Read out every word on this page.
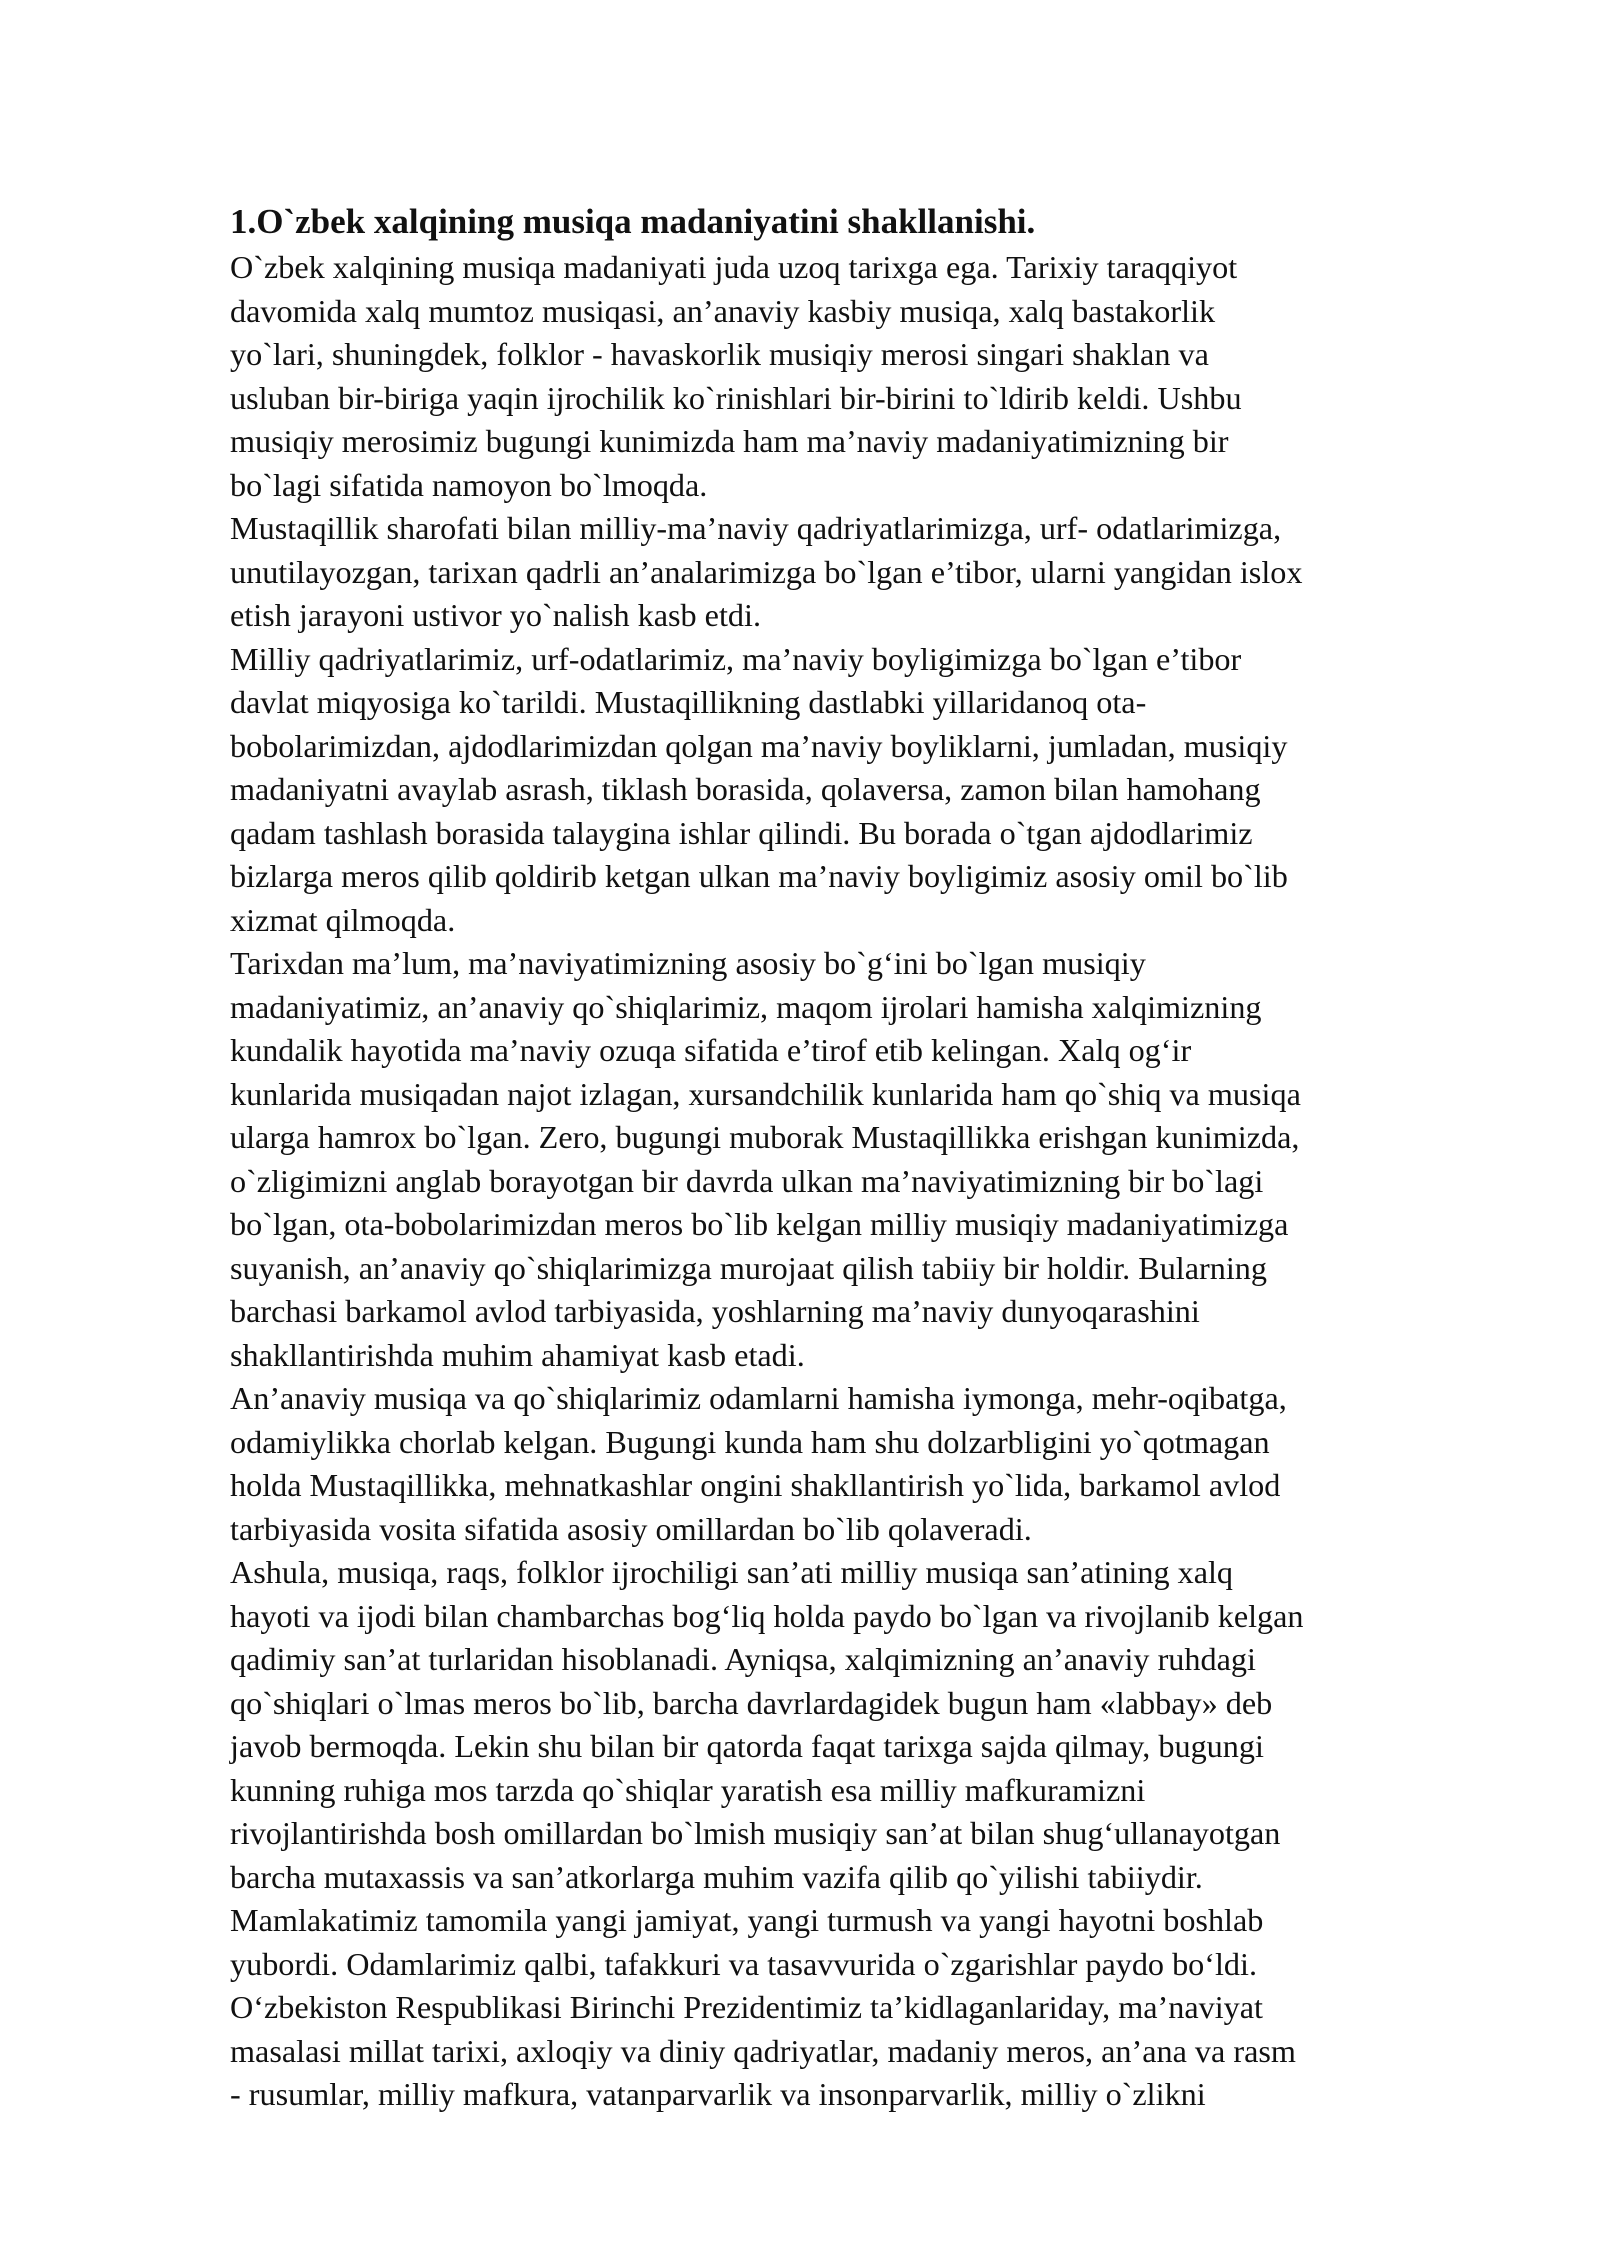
1.O`zbek xalqining musiqa madaniyatini shakllanishi.

O`zbek xalqining musiqa madaniyati juda uzoq tarixga ega. Tarixiy taraqqiyot
davomida xalq mumtoz musiqasi, an’anaviy kasbiy musiqa, xalq bastakorlik
yo`lari, shuningdek, folklor - havaskorlik musiqiy merosi singari shaklan va
usluban bir-biriga yaqin ijrochilik ko`rinishlari bir-birini to`ldirib keldi. Ushbu
musiqiy merosimiz bugungi kunimizda ham ma’naviy madaniyatimizning bir
bo`lagi sifatida namoyon bo`lmoqda.

Mustaqillik sharofati bilan milliy-ma’naviy qadriyatlarimizga, urf- odatlarimizga,
unutilayozgan, tarixan qadrli an’analarimizga bo`lgan e’tibor, ularni yangidan islox
etish jarayoni ustivor yo`nalish kasb etdi.

Milliy qadriyatlarimiz, urf-odatlarimiz, ma’naviy boyligimizga bo`lgan e’tibor
davlat miqyosiga ko`tarildi. Mustaqillikning dastlabki yillaridanoq ota-
bobolarimizdan, ajdodlarimizdan qolgan ma’naviy boyliklarni, jumladan, musiqiy
madaniyatni avaylab asrash, tiklash borasida, qolaversa, zamon bilan hamohang
qadam tashlash borasida talaygina ishlar qilindi. Bu borada o`tgan ajdodlarimiz
bizlarga meros qilib qoldirib ketgan ulkan ma’naviy boyligimiz asosiy omil bo`lib
xizmat qilmoqda.

Tarixdan ma’lum, ma’naviyatimizning asosiy bo`g‘ini bo`lgan musiqiy
madaniyatimiz, an’anaviy qo`shiqlarimiz, maqom ijrolari hamisha xalqimizning
kundalik hayotida ma’naviy ozuqa sifatida e’tirof etib kelingan. Xalq og‘ir
kunlarida musiqadan najot izlagan, xursandchilik kunlarida ham qo`shiq va musiqa
ularga hamrox bo`lgan. Zero, bugungi muborak Mustaqillikka erishgan kunimizda,
o`zligimizni anglab borayotgan bir davrda ulkan ma’naviyatimizning bir bo`lagi
bo`lgan, ota-bobolarimizdan meros bo`lib kelgan milliy musiqiy madaniyatimizga
suyanish, an’anaviy qo`shiqlarimizga murojaat qilish tabiiy bir holdir. Bularning
barchasi barkamol avlod tarbiyasida, yoshlarning ma’naviy dunyoqarashini
shakllantirishda muhim ahamiyat kasb etadi.

An’anaviy musiqa va qo`shiqlarimiz odamlarni hamisha iymonga, mehr-oqibatga,
odamiylikka chorlab kelgan. Bugungi kunda ham shu dolzarbligini yo`qotmagan
holda Mustaqillikka, mehnatkashlar ongini shakllantirish yo`lida, barkamol avlod
tarbiyasida vosita sifatida asosiy omillardan bo`lib qolaveradi.

Ashula, musiqa, raqs, folklor ijrochiligi san’ati milliy musiqa san’atining xalq
hayoti va ijodi bilan chambarchas bog‘liq holda paydo bo`lgan va rivojlanib kelgan
qadimiy san’at turlaridan hisoblanadi. Ayniqsa, xalqimizning an’anaviy ruhdagi
qo`shiqlari o`lmas meros bo`lib, barcha davrlardagidek bugun ham «labbay» deb
javob bermoqda. Lekin shu bilan bir qatorda faqat tarixga sajda qilmay, bugungi
kunning ruhiga mos tarzda qo`shiqlar yaratish esa milliy mafkuramizni
rivojlantirishda bosh omillardan bo`lmish musiqiy san’at bilan shug‘ullanayotgan
barcha mutaxassis va san’atkorlarga muhim vazifa qilib qo`yilishi tabiiydir.

Mamlakatimiz tamomila yangi jamiyat, yangi turmush va yangi hayotni boshlab
yubordi. Odamlarimiz qalbi, tafakkuri va tasavvurida o`zgarishlar paydo bo‘ldi.

O‘zbekiston Respublikasi Birinchi Prezidentimiz ta’kidlaganlariday, ma’naviyat
masalasi millat tarixi, axloqiy va diniy qadriyatlar, madaniy meros, an’ana va rasm
- rusumlar, milliy mafkura, vatanparvarlik va insonparvarlik, milliy o`zlikni
